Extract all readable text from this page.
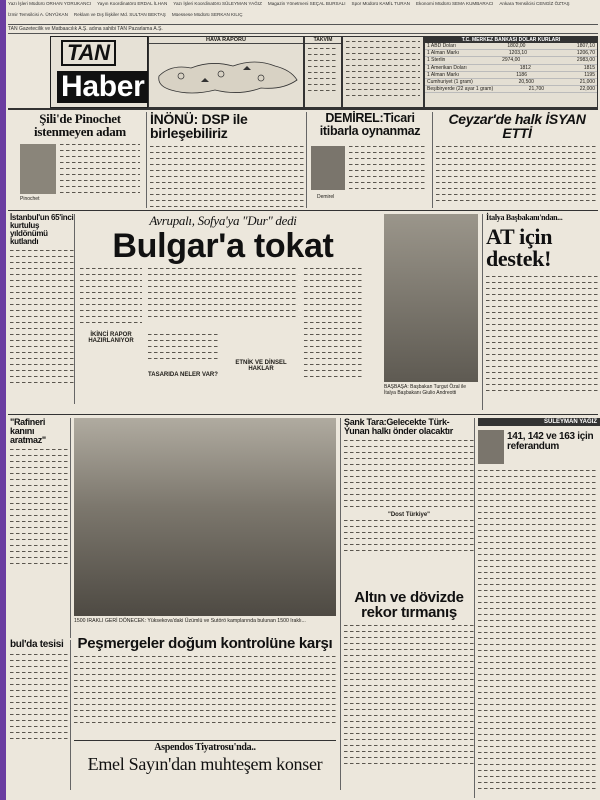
Yazı İşleri Müdürü ORHAN YORUKANCI Yayın Koordinatörü ERDAL İLHAN Yazı İşleri Koordinatörü SÜLEYMAN YAĞIZ Magazin Yönetmeni SEÇAL BURSALI Spor Müdürü KAMİL TURAN Ekonomi Müdürü SEMA KUMBARACI Ankara Temsilcisi CENGİZ ÖZTAŞ
İzmir Temsilcisi A. ÜNYÜKAN Reklam ve Dış İlişkiler Md. SULTAN BEKTAŞ Müessese Müdürü SERKAN KILIÇ
TAN Gazetecilik ve Matbaacılık A.Ş. adına sahibi TAN Pazarlama A.Ş.
TAN
Haber
HAVA RAPORU	TAKVİM	T.C. MERKEZ BANKASI DOLAR KURLARI
1 ABD Doları	1802,00	1807,10
1 Alman Markı	1203,10	1206,70
1 Sterlin	2974,00	2983,00
1 Amerikan Doları	1812	1815
1 Alman Markı	1186	1195
Cumhuriyet (1 gram)	20,500	21,000
Beşibiryerde (22 ayar 1 gram)	21,700	22,000
Şili'de Pinochet istenmeyen adam
Pinochet
İNÖNÜ: DSP ile birleşebiliriz
DEMİREL:Ticari itibarla oynanmaz
Demirel
Ceyzar'de halk İSYAN ETTİ
İstanbul'un 65'inci kurtuluş yıldönümü kutlandı
Avrupalı, Sofya'ya "Dur" dedi
Bulgar'a tokat
İKİNCİ RAPOR HAZIRLANIYOR
TASARIDA NELER VAR?
ETNİK VE DİNSEL HAKLAR
BAŞBAŞA: Başbakan Turgut Özal ile İtalya Başbakanı Giulio Andreotti
İtalya Başbakanı'ndan...
AT için destek!
"Rafineri kanını aratmaz"
1500 IRAKLI GERİ DÖNECEK: Yüksekova'daki Üzümlü ve Sutörö kamplarında bulunan 1500 Iraklı...
Peşmergeler doğum kontrolüne karşı
Şank Tara:Gelecekte Türk-Yunan halkı önder olacaktır
"Dost Türkiye"
Altın ve dövizde rekor tırmanış
SÜLEYMAN YAĞIZ
141, 142 ve 163 için referandum
bul'da tesisi
Aspendos Tiyatrosu'nda..
Emel Sayın'dan muhteşem konser
